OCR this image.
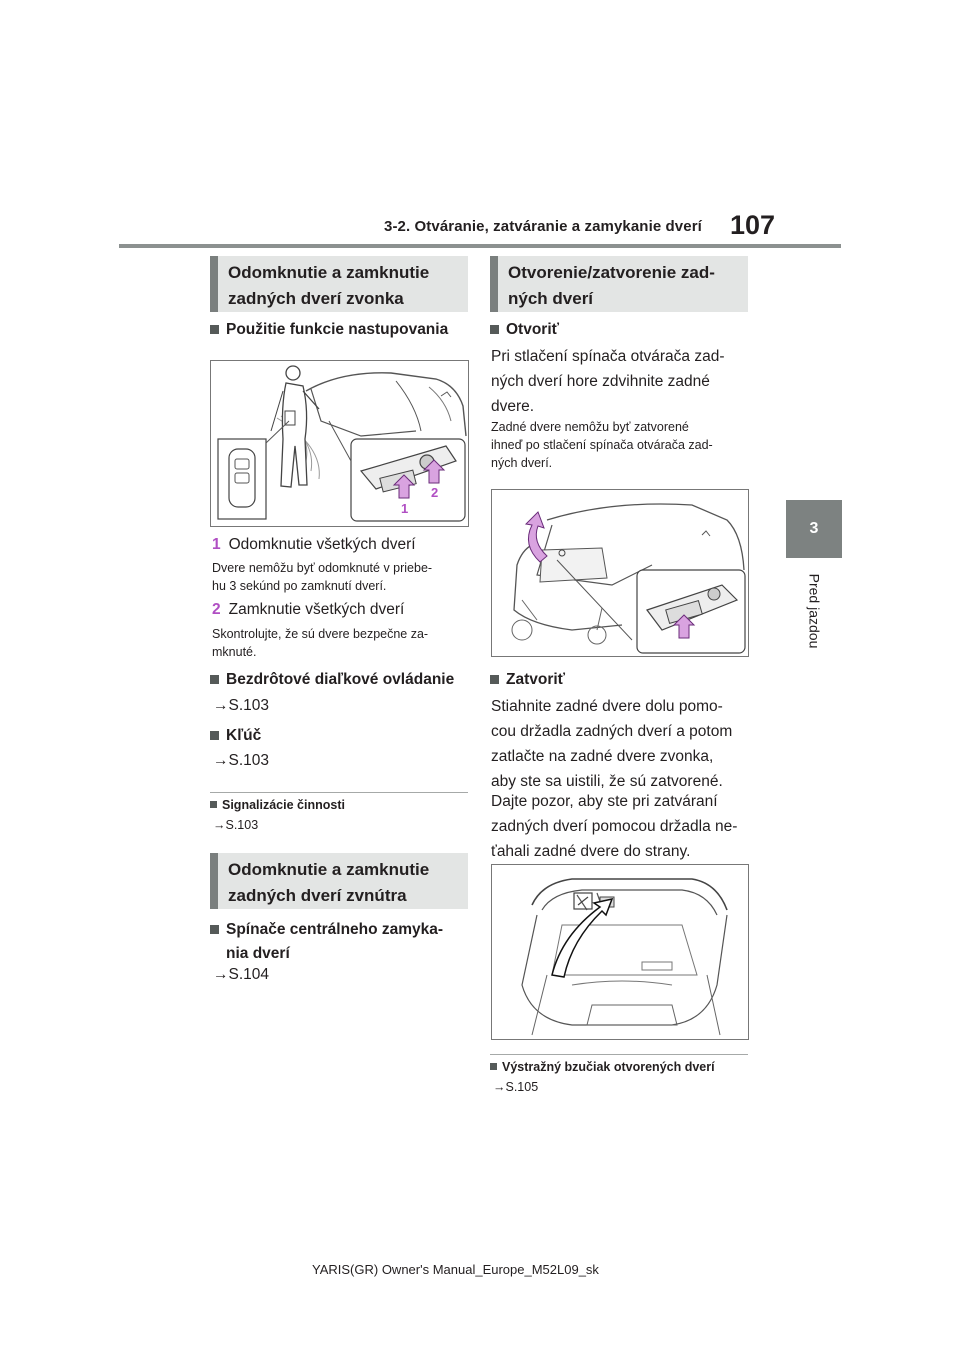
3-2. Otváranie, zatváranie a zamykanie dverí 107
3
Pred jazdou
Odomknutie a zamknutie
zadných dverí zvonka
Použitie funkcie nastupovania
1
2
1 Odomknutie všetkých dverí
Dvere nemôžu byť odomknuté v priebe-
hu 3 sekúnd po zamknutí dverí.
2 Zamknutie všetkých dverí
Skontrolujte, že sú dvere bezpečne za-
mknuté.
Bezdrôtové diaľkové ovládanie
→S.103
Kľúč
→S.103
Signalizácie činnosti
→S.103
Odomknutie a zamknutie
zadných dverí zvnútra
Spínače centrálneho zamyka-
nia dverí
→S.104
Otvorenie/zatvorenie zad-
ných dverí
Otvoriť
Pri stlačení spínača otvárača zad-
ných dverí hore zdvihnite zadné
dvere.
Zadné dvere nemôžu byť zatvorené
ihneď po stlačení spínača otvárača zad-
ných dverí.
Zatvoriť
Stiahnite zadné dvere dolu pomo-
cou držadla zadných dverí a potom
zatlačte na zadné dvere zvonka,
aby ste sa uistili, že sú zatvorené.
Dajte pozor, aby ste pri zatváraní
zadných dverí pomocou držadla ne-
ťahali zadné dvere do strany.
Výstražný bzučiak otvorených dverí
→S.105
YARIS(GR) Owner's Manual_Europe_M52L09_sk
